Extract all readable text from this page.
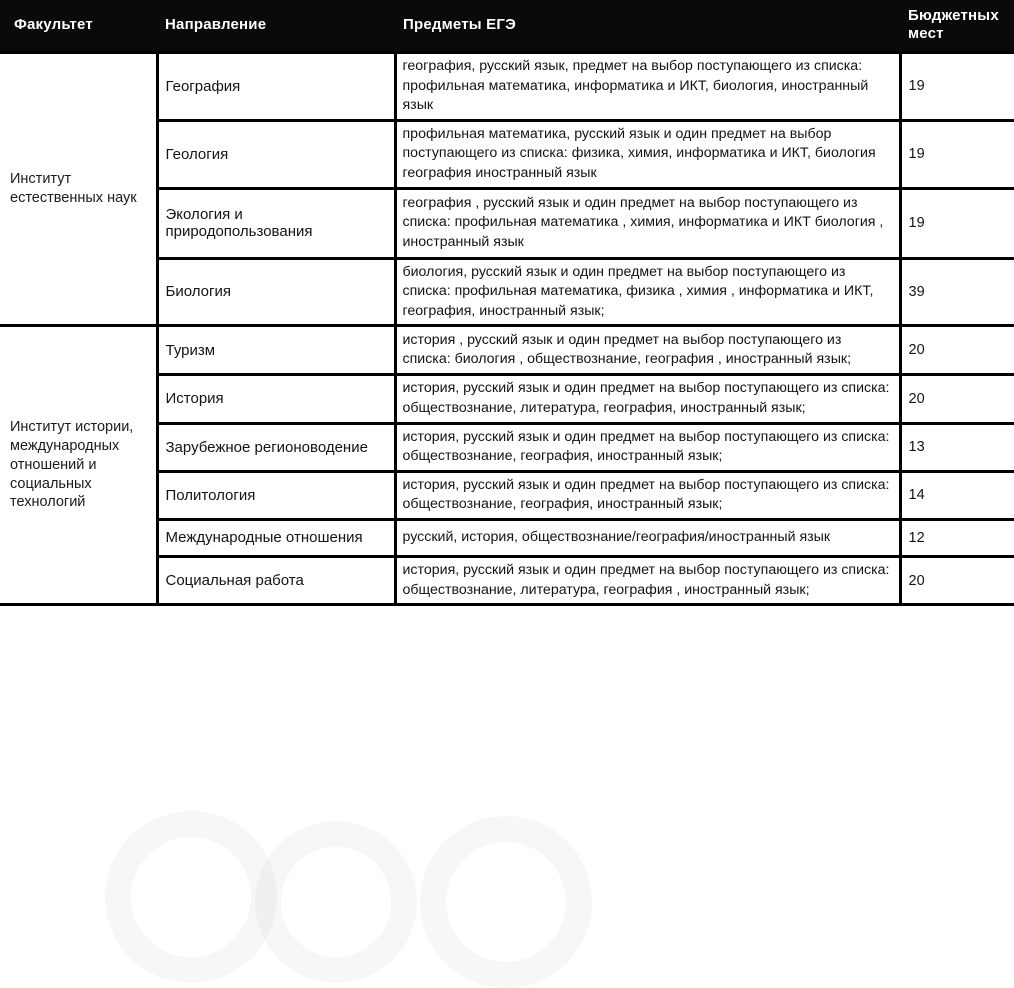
Факультет	Направление	Предметы ЕГЭ	Бюджетных мест
Институт естественных наук	География	география, русский язык, предмет на выбор поступающего из списка: профильная математика, информатика и ИКТ, биология, иностранный язык	19
	Геология	профильная математика, русский язык и один предмет на выбор поступающего из списка: физика, химия, информатика и ИКТ, биология география иностранный язык	19
	Экология и природопользования	география , русский язык и один предмет на выбор поступающего из списка: профильная математика , химия, информатика и ИКТ биология , иностранный язык	19
	Биология	биология, русский язык и один предмет на выбор поступающего из списка: профильная математика, физика , химия , информатика и ИКТ, география, иностранный язык;	39
Институт истории, международных отношений и социальных технологий	Туризм	история , русский язык и один предмет на выбор поступающего из списка: биология , обществознание, география , иностранный язык;	20
	История	история, русский язык и один предмет на выбор поступающего из списка: обществознание, литература, география, иностранный язык;	20
	Зарубежное регионоводение	история, русский язык и один предмет на выбор поступающего из списка: обществознание, география, иностранный язык;	13
	Политология	история, русский язык и один предмет на выбор поступающего из списка: обществознание, география, иностранный язык;	14
	Международные отношения	русский, история, обществознание/география/иностранный язык	12
	Социальная работа	история, русский язык и один предмет на выбор поступающего из списка: обществознание, литература, география , иностранный язык;	20
